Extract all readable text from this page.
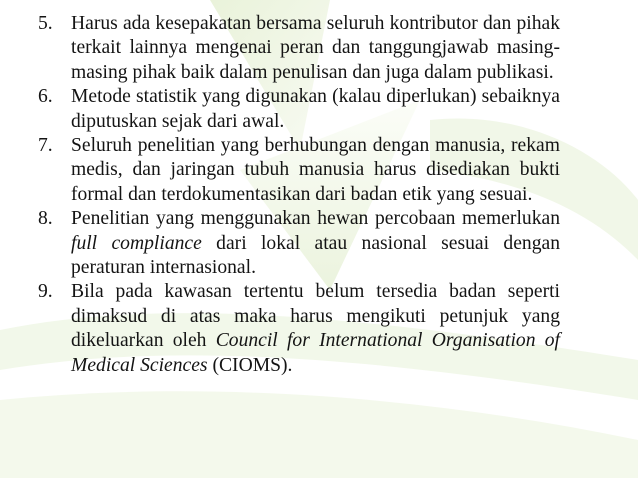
5. Harus ada kesepakatan bersama seluruh kontributor dan pihak terkait lainnya mengenai peran dan tanggungjawab masing-masing pihak baik dalam penulisan dan juga dalam publikasi.
6. Metode statistik yang digunakan (kalau diperlukan) sebaiknya diputuskan sejak dari awal.
7. Seluruh penelitian yang berhubungan dengan manusia, rekam medis, dan jaringan tubuh manusia harus disediakan bukti formal dan terdokumentasikan dari badan etik yang sesuai.
8. Penelitian yang menggunakan hewan percobaan memerlukan full compliance dari lokal atau nasional sesuai dengan peraturan internasional.
9. Bila pada kawasan tertentu belum tersedia badan seperti dimaksud di atas maka harus mengikuti petunjuk yang dikeluarkan oleh Council for International Organisation of Medical Sciences (CIOMS).
